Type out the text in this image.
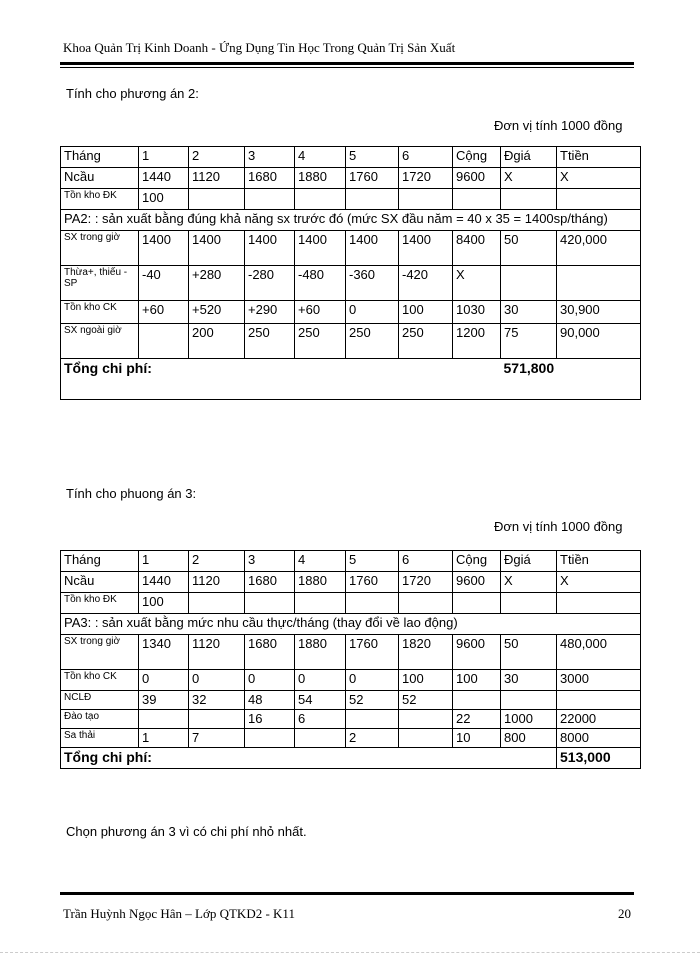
Khoa Quản Trị Kinh Doanh - Ứng Dụng Tin Học Trong Quản Trị Sản Xuất
Tính cho phương án 2:
Đơn vị tính 1000 đồng
Tháng	1	2	3	4	5	6	Cộng	Đgiá	Ttiền
Ncầu	1440	1120	1680	1880	1760	1720	9600	X	X
Tồn kho ĐK	100								
PA2: : sản xuất bằng đúng khả năng sx trước đó (mức SX đầu năm = 40 x 35 = 1400sp/tháng)									
SX trong giờ	1400	1400	1400	1400	1400	1400	8400	50	420,000
Thừa+, thiếu - SP	-40	+280	-280	-480	-360	-420	X		
Tồn kho CK	+60	+520	+290	+60	0	100	1030	30	30,900
SX ngoài giờ		200	250	250	250	250	1200	75	90,000
Tổng chi phí:								571,800	
Tính cho phuong án 3:
Đơn vị tính 1000 đồng
Tháng	1	2	3	4	5	6	Cộng	Đgiá	Ttiền
Ncầu	1440	1120	1680	1880	1760	1720	9600	X	X
Tồn kho ĐK	100								
PA3: : sản xuất bằng mức nhu cầu thực/tháng (thay đổi về lao động)									
SX trong giờ	1340	1120	1680	1880	1760	1820	9600	50	480,000
Tồn kho CK	0	0	0	0	0	100	100	30	3000
NCLĐ	39	32	48	54	52	52			
Đào tạo			16	6			22	1000	22000
Sa thải	1	7			2		10	800	8000
Tổng chi phí:									513,000
Chọn phương án 3 vì có chi phí nhỏ nhất.
Trần Huỳnh Ngọc Hân – Lớp QTKD2 - K11	20
